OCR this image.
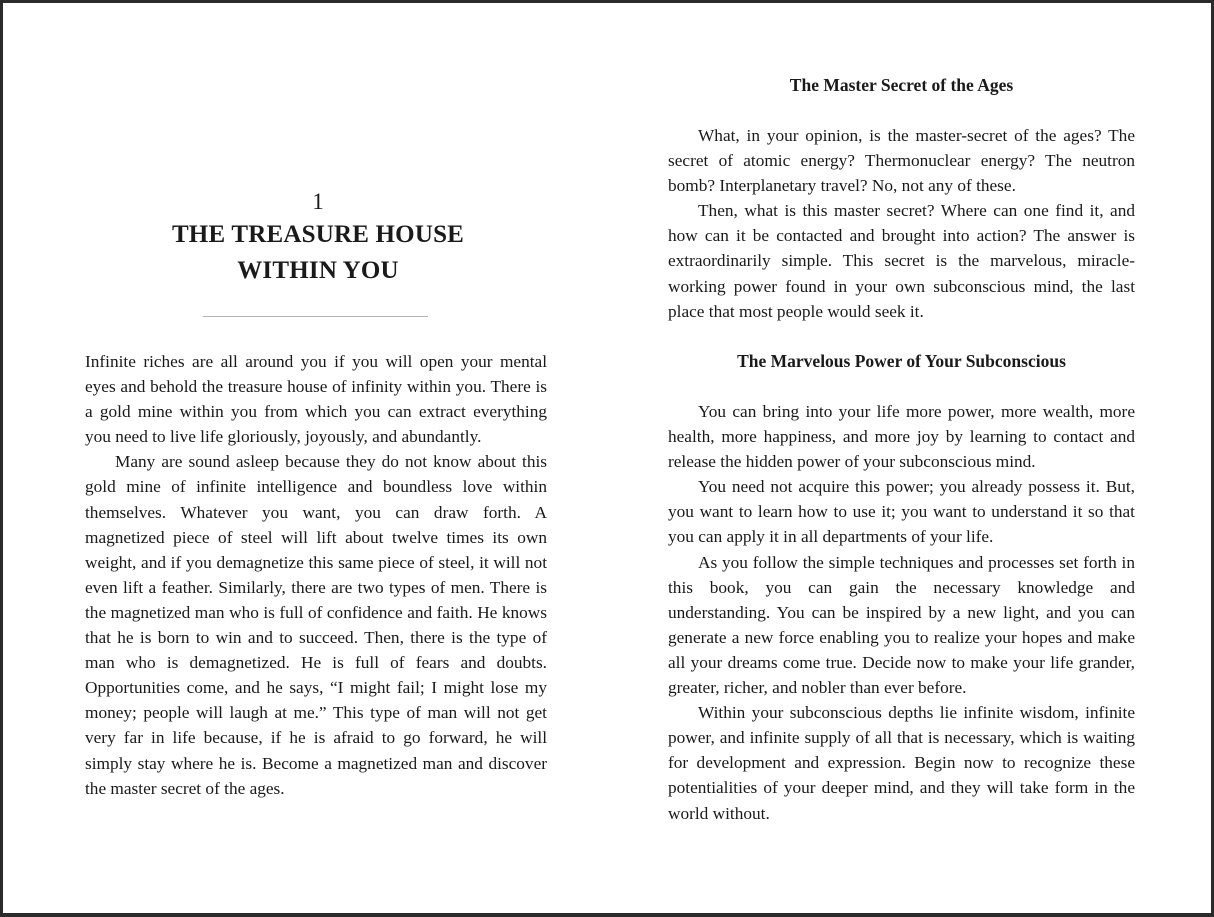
1
THE TREASURE HOUSE
WITHIN YOU

Infinite riches are all around you if you will open your mental eyes and behold the treasure house of infinity within you. There is a gold mine within you from which you can extract everything you need to live life gloriously, joyously, and abundantly.

Many are sound asleep because they do not know about this gold mine of infinite intelligence and boundless love within themselves. Whatever you want, you can draw forth. A magnetized piece of steel will lift about twelve times its own weight, and if you demagnetize this same piece of steel, it will not even lift a feather. Similarly, there are two types of men. There is the magnetized man who is full of confidence and faith. He knows that he is born to win and to succeed. Then, there is the type of man who is demagnetized. He is full of fears and doubts. Opportunities come, and he says, “I might fail; I might lose my money; people will laugh at me.” This type of man will not get very far in life because, if he is afraid to go forward, he will simply stay where he is. Become a magnetized man and discover the master secret of the ages.

The Master Secret of the Ages

What, in your opinion, is the master-secret of the ages? The secret of atomic energy? Thermonuclear energy? The neutron bomb? Interplanetary travel? No, not any of these.

Then, what is this master secret? Where can one find it, and how can it be contacted and brought into action? The answer is extraordinarily simple. This secret is the marvelous, miracle-working power found in your own subconscious mind, the last place that most people would seek it.

The Marvelous Power of Your Subconscious

You can bring into your life more power, more wealth, more health, more happiness, and more joy by learning to contact and release the hidden power of your subconscious mind.

You need not acquire this power; you already possess it. But, you want to learn how to use it; you want to understand it so that you can apply it in all departments of your life.

As you follow the simple techniques and processes set forth in this book, you can gain the necessary knowledge and understanding. You can be inspired by a new light, and you can generate a new force enabling you to realize your hopes and make all your dreams come true. Decide now to make your life grander, greater, richer, and nobler than ever before.

Within your subconscious depths lie infinite wisdom, infinite power, and infinite supply of all that is necessary, which is waiting for development and expression. Begin now to recognize these potentialities of your deeper mind, and they will take form in the world without.
